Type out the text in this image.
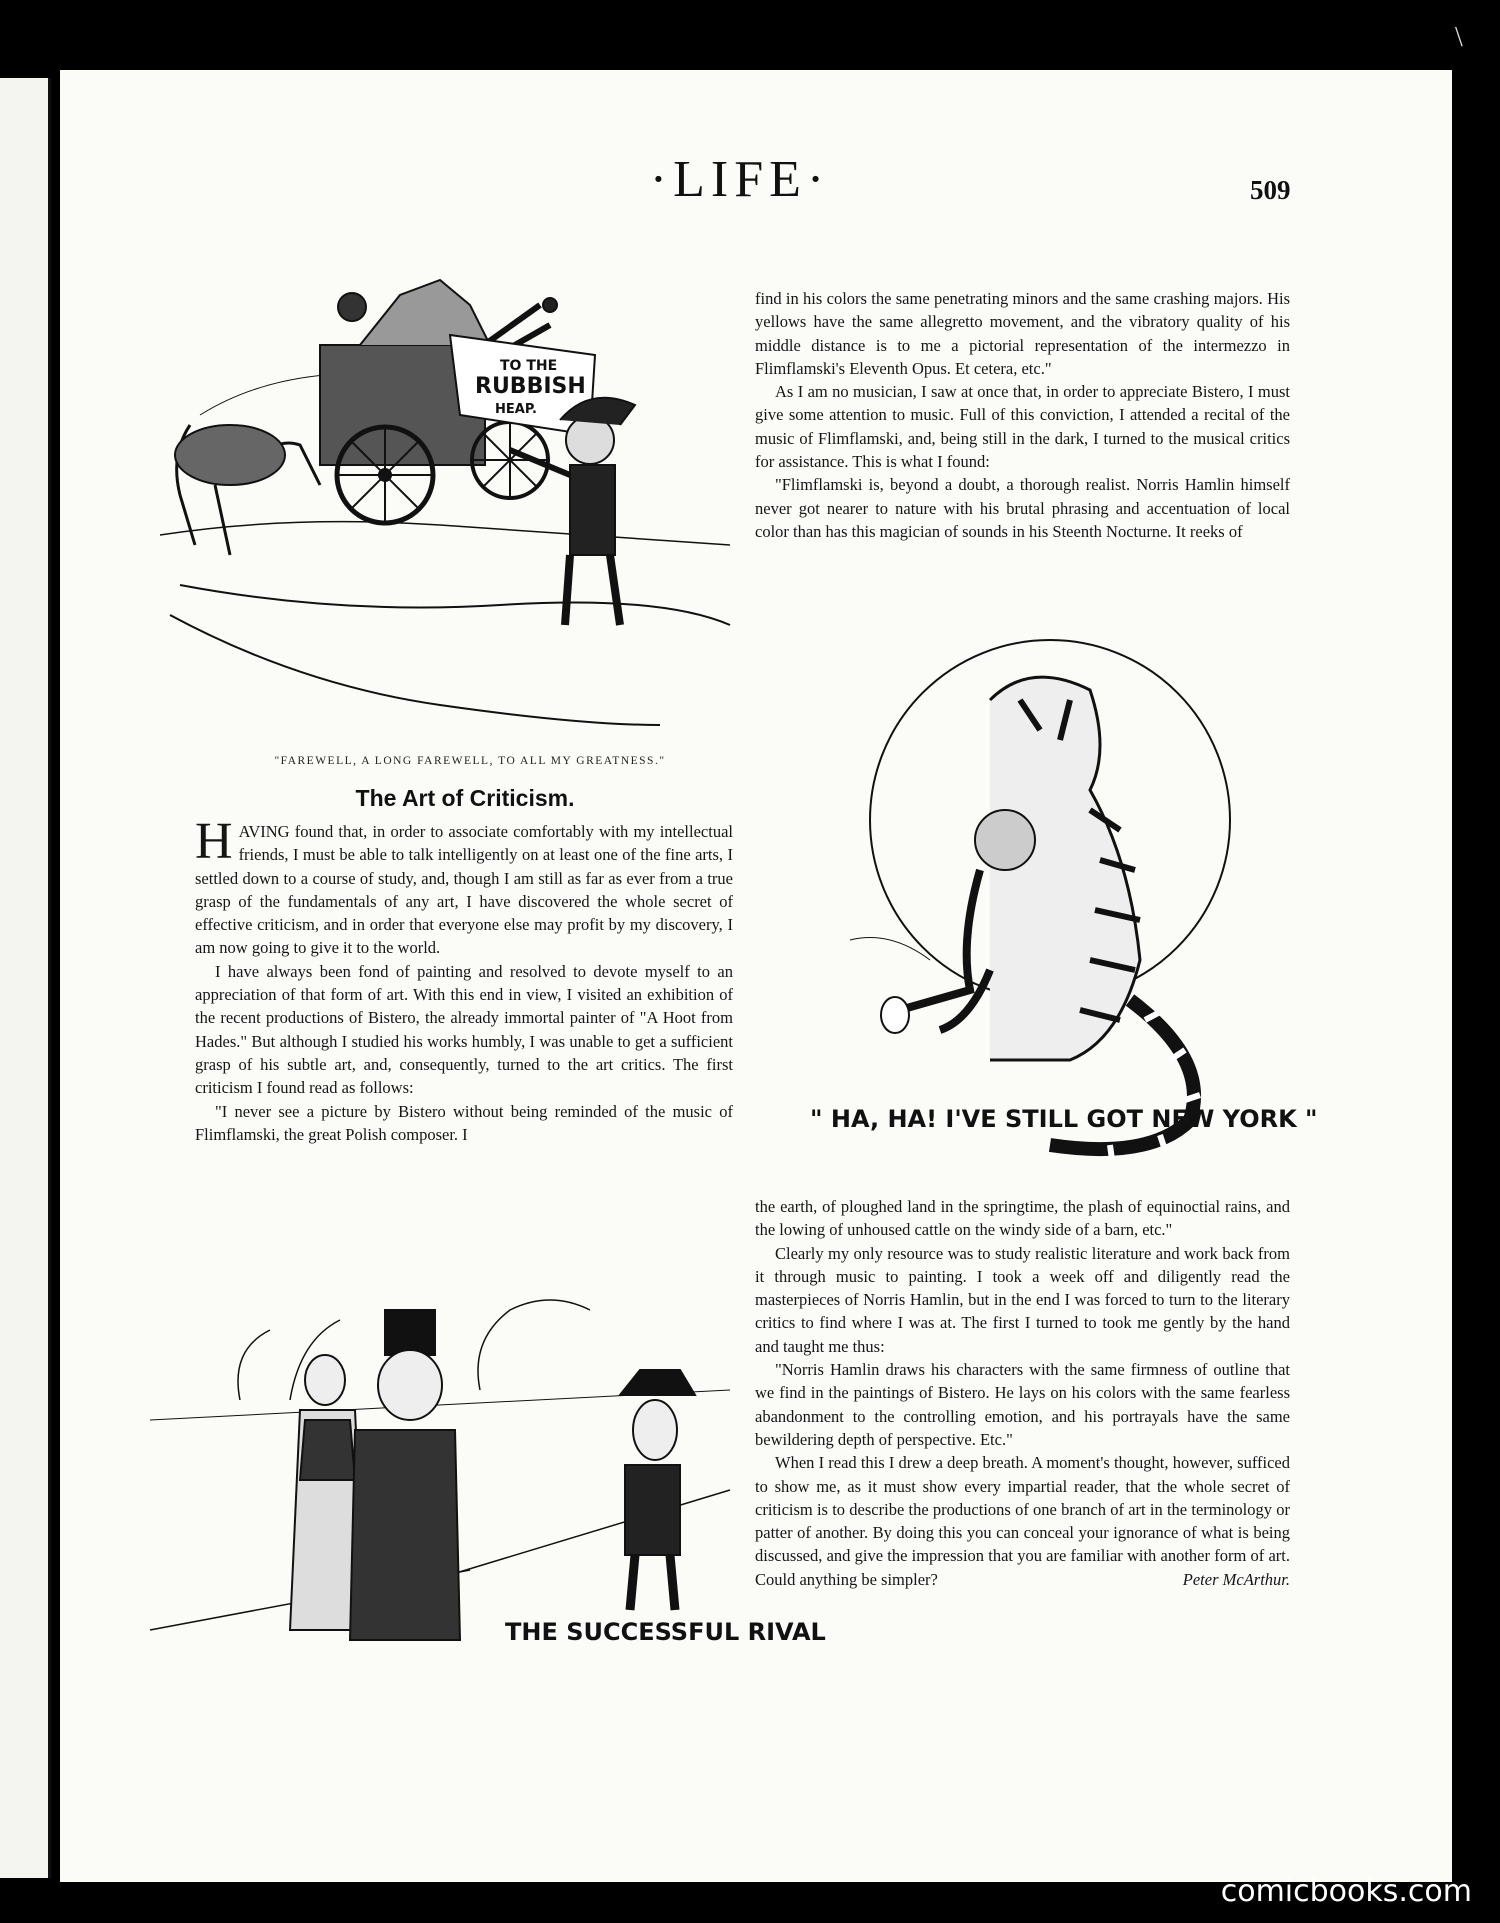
\
·LIFE·	509
TO THE
RUBBISH
HEAP.
"FAREWELL, A LONG FAREWELL, TO ALL MY GREATNESS."
The Art of Criticism.

HAVING found that, in order to associate comfortably with my intellectual friends, I must be able to talk intelligently on at least one of the fine arts, I settled down to a course of study, and, though I am still as far as ever from a true grasp of the fundamentals of any art, I have discovered the whole secret of effective criticism, and in order that everyone else may profit by my discovery, I am now going to give it to the world.

I have always been fond of painting and resolved to devote myself to an appreciation of that form of art. With this end in view, I visited an exhibition of the recent productions of Bistero, the already immortal painter of "A Hoot from Hades." But although I studied his works humbly, I was unable to get a sufficient grasp of his subtle art, and, consequently, turned to the art critics. The first criticism I found read as follows:

"I never see a picture by Bistero without being reminded of the music of Flimflamski, the great Polish composer. I

find in his colors the same penetrating minors and the same crashing majors. His yellows have the same allegretto movement, and the vibratory quality of his middle distance is to me a pictorial representation of the intermezzo in Flimflamski's Eleventh Opus. Et cetera, etc."

As I am no musician, I saw at once that, in order to appreciate Bistero, I must give some attention to music. Full of this conviction, I attended a recital of the music of Flimflamski, and, being still in the dark, I turned to the musical critics for assistance. This is what I found:

"Flimflamski is, beyond a doubt, a thorough realist. Norris Hamlin himself never got nearer to nature with his brutal phrasing and accentuation of local color than has this magician of sounds in his Steenth Nocturne. It reeks of

" HA, HA! I'VE STILL GOT NEW YORK "

the earth, of ploughed land in the springtime, the plash of equinoctial rains, and the lowing of unhoused cattle on the windy side of a barn, etc."

Clearly my only resource was to study realistic literature and work back from it through music to painting. I took a week off and diligently read the masterpieces of Norris Hamlin, but in the end I was forced to turn to the literary critics to find where I was at. The first I turned to took me gently by the hand and taught me thus:

"Norris Hamlin draws his characters with the same firmness of outline that we find in the paintings of Bistero. He lays on his colors with the same fearless abandonment to the controlling emotion, and his portrayals have the same bewildering depth of perspective. Etc."

When I read this I drew a deep breath. A moment's thought, however, sufficed to show me, as it must show every impartial reader, that the whole secret of criticism is to describe the productions of one branch of art in the terminology or patter of another. By doing this you can conceal your ignorance of what is being discussed, and give the impression that you are familiar with another form of art. Could anything be simpler?	Peter McArthur.

THE SUCCESSFUL RIVAL
comicbooks.com
